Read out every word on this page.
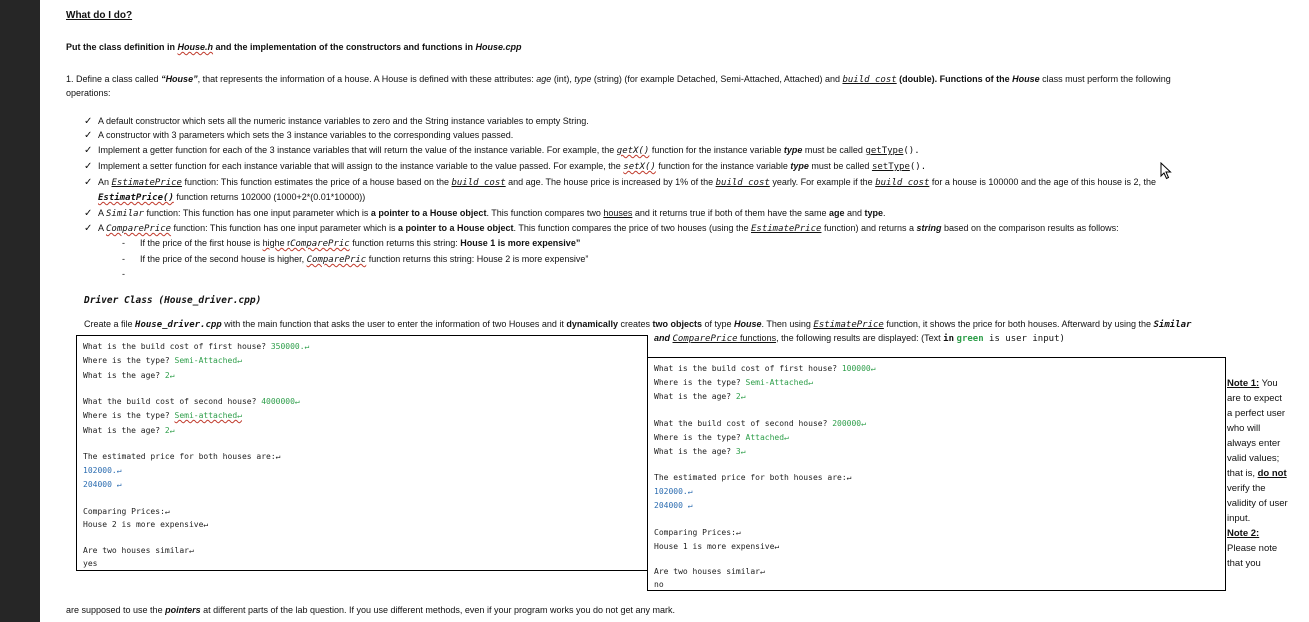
What do I do?
Put the class definition in House.h and the implementation of the constructors and functions in House.cpp
1. Define a class called “House”, that represents the information of a house. A House is defined with these attributes: age (int), type (string) (for example Detached, Semi-Attached, Attached) and build_cost (double). Functions of the House class must perform the following
operations:
✓ A default constructor which sets all the numeric instance variables to zero and the String instance variables to empty String.
✓ A constructor with 3 parameters which sets the 3 instance variables to the corresponding values passed.
✓ Implement a getter function for each of the 3 instance variables that will return the value of the instance variable. For example, the getX() function for the instance variable type must be called getType().
✓ Implement a setter function for each instance variable that will assign to the instance variable to the value passed. For example, the setX() function for the instance variable type must be called setType().
✓ An EstimatePrice function: This function estimates the price of a house based on the build_cost and age. The house price is increased by 1% of the build_cost yearly. For example if the build_cost for a house is 100000 and the age of this house is 2, the
EstimatPrice() function returns 102000 (1000+2*(0.01*10000))
✓ A Similar function: This function has one input parameter which is a pointer to a House object. This function compares two houses and it returns true if both of them have the same age and type.
✓ A ComparePrice function: This function has one input parameter which is a pointer to a House object. This function compares the price of two houses (using the EstimatePrice function) and returns a string based on the comparison results as follows:
- If the price of the first house is highe rComparePric function returns this string: House 1 is more expensive”
- If the price of the second house is higher, ComparePric function returns this string: House 2 is more expensive”
-
Driver Class (House_driver.cpp)
Create a file House_driver.cpp with the main function that asks the user to enter the information of two Houses and it dynamically creates two objects of type House. Then using EstimatePrice function, it shows the price for both houses. Afterward by using the Similar
and ComparePrice functions, the following results are displayed: (Text in green is user input)
What is the build cost of first house? 350000.↵
Where is the type? Semi-Attached↵
What is the age? 2↵
What the build cost of second house? 4000000↵
Where is the type? Semi-attached↵
What is the age? 2↵
The estimated price for both houses are:↵
102000.↵
204000 ↵
Comparing Prices:↵
House 2 is more expensive↵
Are two houses similar↵
yes
What is the build cost of first house? 100000↵
Where is the type? Semi-Attached↵
What is the age? 2↵
What the build cost of second house? 200000↵
Where is the type? Attached↵
What is the age? 3↵
The estimated price for both houses are:↵
102000.↵
204000 ↵
Comparing Prices:↵
House 1 is more expensive↵
Are two houses similar↵
no
Note 1: You are to expect a perfect user who will always enter valid values; that is, do not verify the validity of user input.
Note 2:
Please note that you
are supposed to use the pointers at different parts of the lab question. If you use different methods, even if your program works you do not get any mark.
